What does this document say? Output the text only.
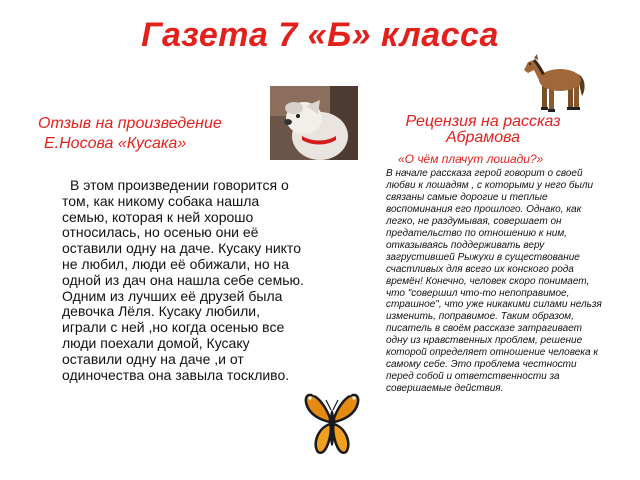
Газета 7 «Б» класса
Отзыв на произведение
Е.Носова «Кусака»

В этом произведении говорится о том, как никому собака нашла семью, которая к ней хорошо относилась, но осенью они её оставили одну на даче. Кусаку никто не любил, люди её обижали, но на одной из дач она нашла себе семью. Одним из лучших её друзей была девочка Лёля. Кусаку любили, играли с ней ,но когда осенью все люди поехали домой, Кусаку оставили одну на даче ,и от одиночества она завыла тоскливо.

Рецензия на рассказ
Абрамова
«О чём плачут лошади?»

В начале рассказа герой говорит о своей любви к лошадям , с которыми у него были связаны самые дорогие и теплые воспоминания его прошлого. Однако, как легко, не раздумывая, совершает он предательство по отношению к ним, отказываясь поддерживать веру загрустившей Рыжухи в существование счастливых для всего их конского рода времён! Конечно, человек скоро понимает, что "совершил что-то непоправимое, страшное", что уже никакими силами нельзя изменить, поправимое. Таким образом, писатель в своём рассказе затрагивает одну из нравственных проблем, решение которой определяет отношение человека к самому себе. Это проблема честности перед собой и ответственности за совершаемые действия.
